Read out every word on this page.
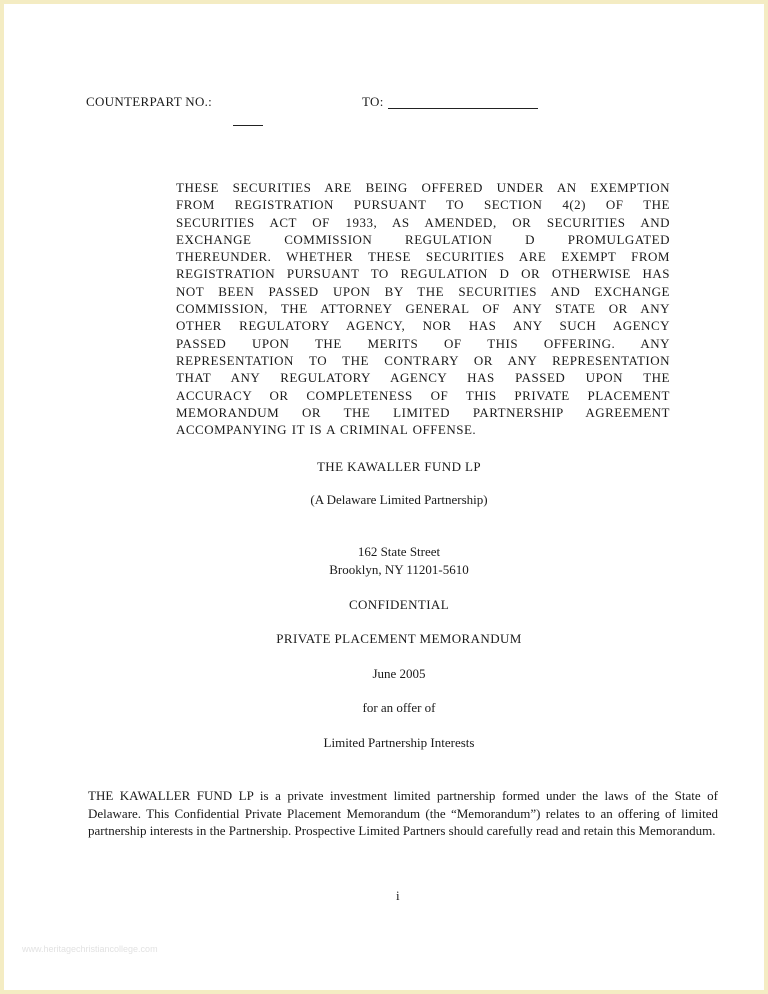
COUNTERPART NO.:	TO:
THESE SECURITIES ARE BEING OFFERED UNDER AN EXEMPTION
FROM REGISTRATION PURSUANT TO SECTION 4(2) OF THE
SECURITIES ACT OF 1933, AS AMENDED, OR SECURITIES AND
EXCHANGE COMMISSION REGULATION D PROMULGATED
THEREUNDER. WHETHER THESE SECURITIES ARE EXEMPT FROM
REGISTRATION PURSUANT TO REGULATION D OR OTHERWISE HAS
NOT BEEN PASSED UPON BY THE SECURITIES AND EXCHANGE
COMMISSION, THE ATTORNEY GENERAL OF ANY STATE OR ANY
OTHER REGULATORY AGENCY, NOR HAS ANY SUCH AGENCY
PASSED UPON THE MERITS OF THIS OFFERING. ANY
REPRESENTATION TO THE CONTRARY OR ANY REPRESENTATION
THAT ANY REGULATORY AGENCY HAS PASSED UPON THE
ACCURACY OR COMPLETENESS OF THIS PRIVATE PLACEMENT
MEMORANDUM OR THE LIMITED PARTNERSHIP AGREEMENT
ACCOMPANYING IT IS A CRIMINAL OFFENSE.
THE KAWALLER FUND LP
(A Delaware Limited Partnership)
162 State Street
Brooklyn, NY 11201-5610
CONFIDENTIAL
PRIVATE PLACEMENT MEMORANDUM
June 2005
for an offer of
Limited Partnership Interests
THE KAWALLER FUND LP is a private investment limited partnership formed under the laws of the State of Delaware. This Confidential Private Placement Memorandum (the “Memorandum”) relates to an offering of limited partnership interests in the Partnership. Prospective Limited Partners should carefully read and retain this Memorandum.
i
www.heritagechristiancollege.com
